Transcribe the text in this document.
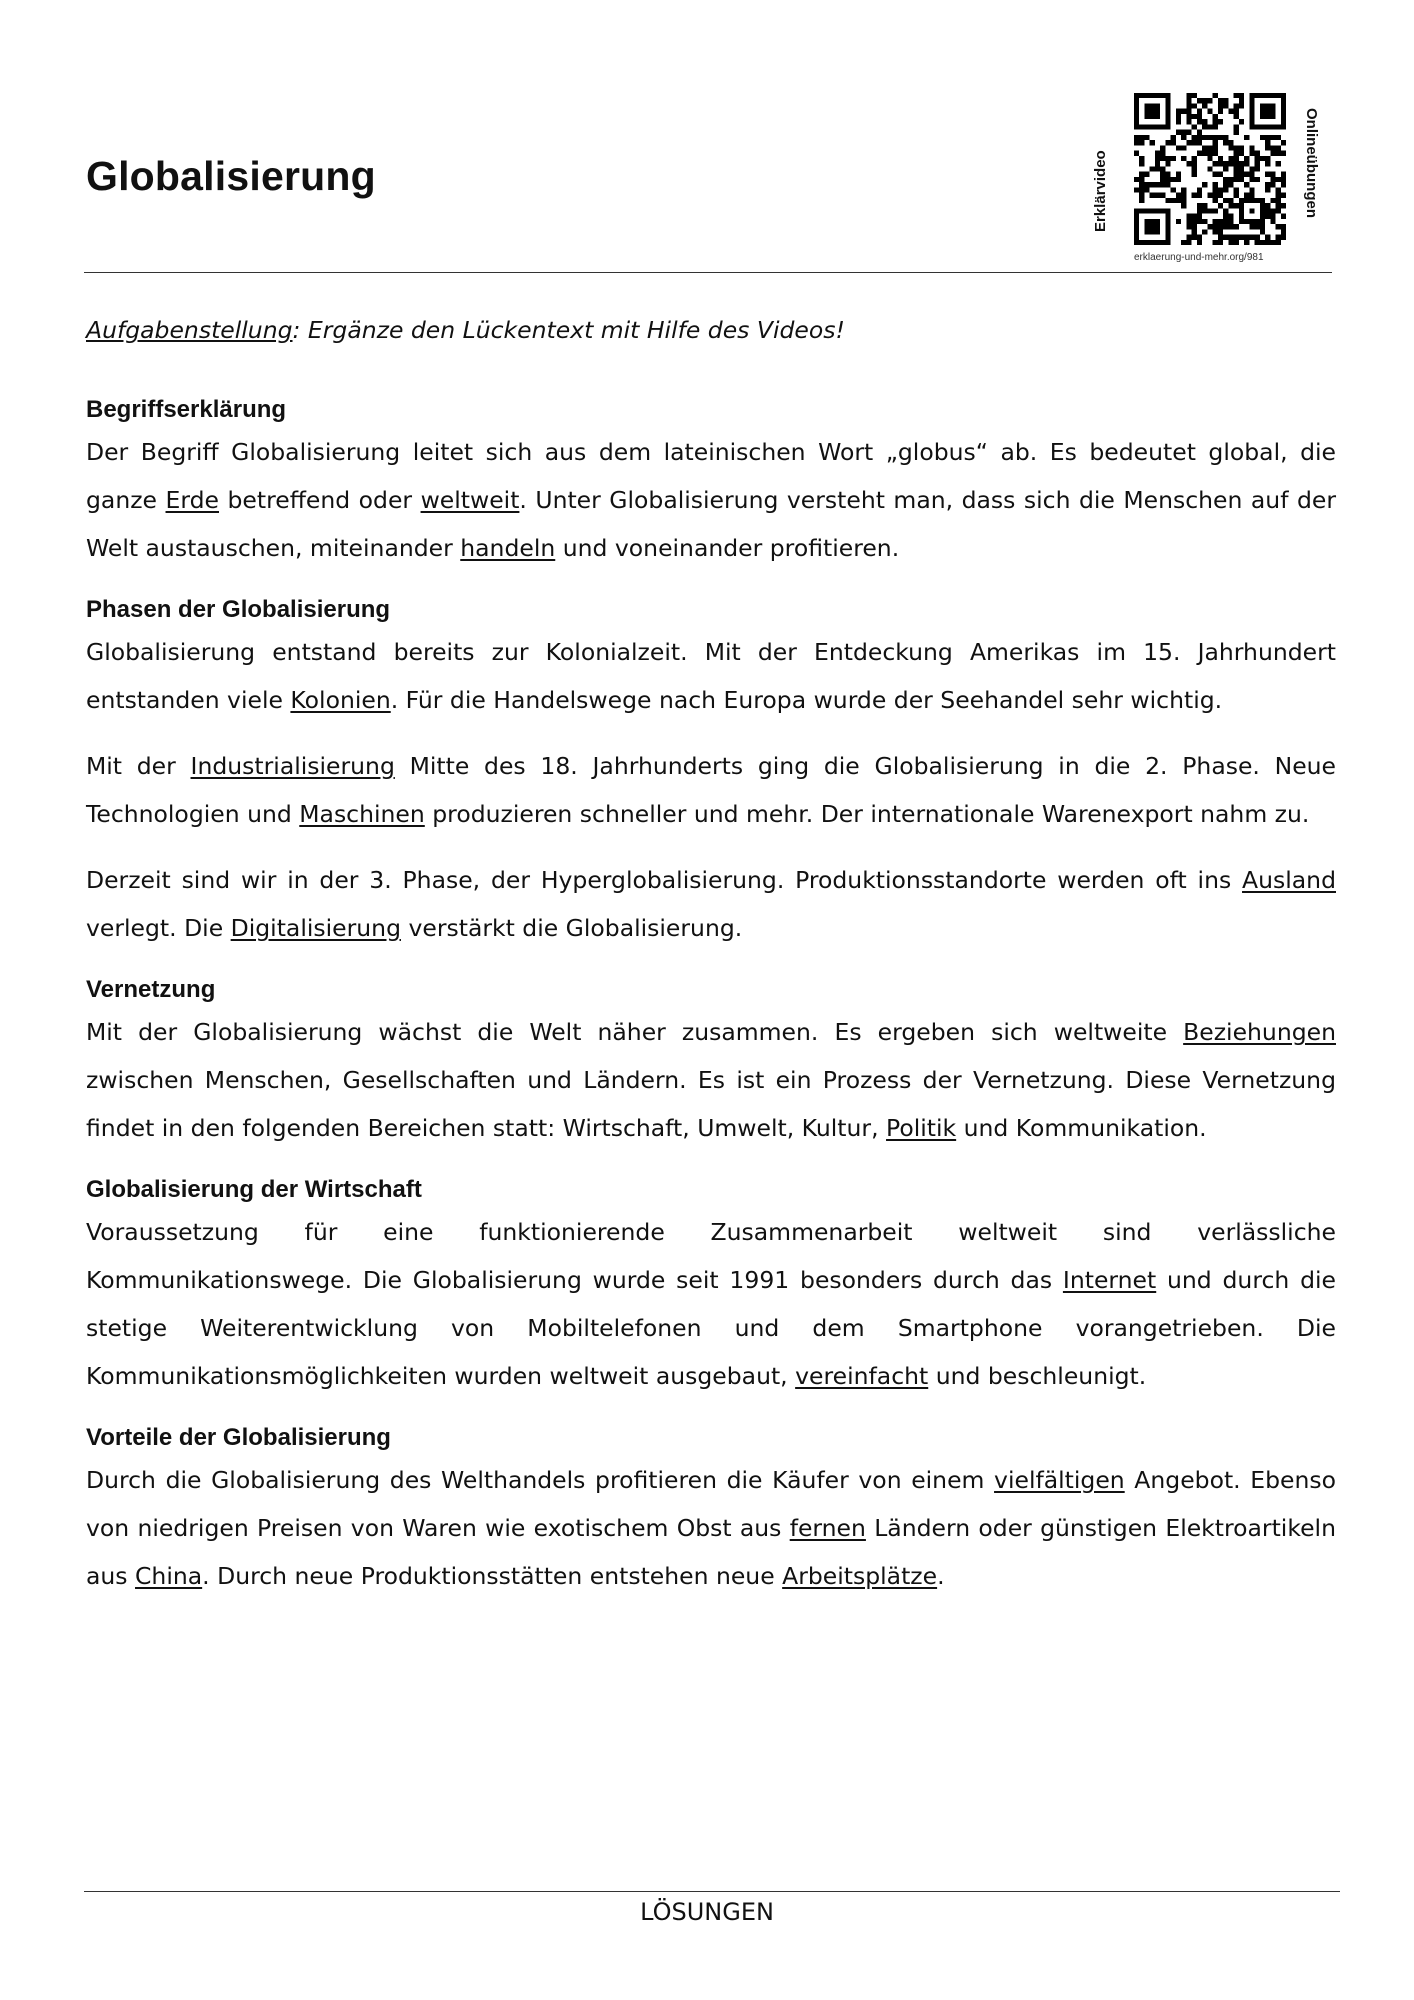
Globalisierung	Erklärvideo
erklaerung-und-mehr.org/981
Onlineübungen
Aufgabenstellung: Ergänze den Lückentext mit Hilfe des Videos!
Begriffserklärung

Der Begriff Globalisierung leitet sich aus dem lateinischen Wort „globus“ ab. Es bedeutet global, die ganze Erde betreffend oder weltweit. Unter Globalisierung versteht man, dass sich die Menschen auf der Welt austauschen, miteinander handeln und voneinander profitieren.

Phasen der Globalisierung

Globalisierung entstand bereits zur Kolonialzeit. Mit der Entdeckung Amerikas im 15. Jahrhundert entstanden viele Kolonien. Für die Handelswege nach Europa wurde der Seehandel sehr wichtig.

Mit der Industrialisierung Mitte des 18. Jahrhunderts ging die Globalisierung in die 2. Phase. Neue Technologien und Maschinen produzieren schneller und mehr. Der internationale Warenexport nahm zu.

Derzeit sind wir in der 3. Phase, der Hyperglobalisierung. Produktionsstandorte werden oft ins Ausland verlegt. Die Digitalisierung verstärkt die Globalisierung.

Vernetzung

Mit der Globalisierung wächst die Welt näher zusammen. Es ergeben sich weltweite Beziehungen zwischen Menschen, Gesellschaften und Ländern. Es ist ein Prozess der Vernetzung. Diese Vernetzung findet in den folgenden Bereichen statt: Wirtschaft, Umwelt, Kultur, Politik und Kommunikation.

Globalisierung der Wirtschaft

Voraussetzung für eine funktionierende Zusammenarbeit weltweit sind verlässliche Kommunikationswege. Die Globalisierung wurde seit 1991 besonders durch das Internet und durch die stetige Weiterentwicklung von Mobiltelefonen und dem Smartphone vorangetrieben. Die Kommunikationsmöglichkeiten wurden weltweit ausgebaut, vereinfacht und beschleunigt.

Vorteile der Globalisierung

Durch die Globalisierung des Welthandels profitieren die Käufer von einem vielfältigen Angebot. Ebenso von niedrigen Preisen von Waren wie exotischem Obst aus fernen Ländern oder günstigen Elektroartikeln aus China. Durch neue Produktionsstätten entstehen neue Arbeitsplätze.

LÖSUNGEN
